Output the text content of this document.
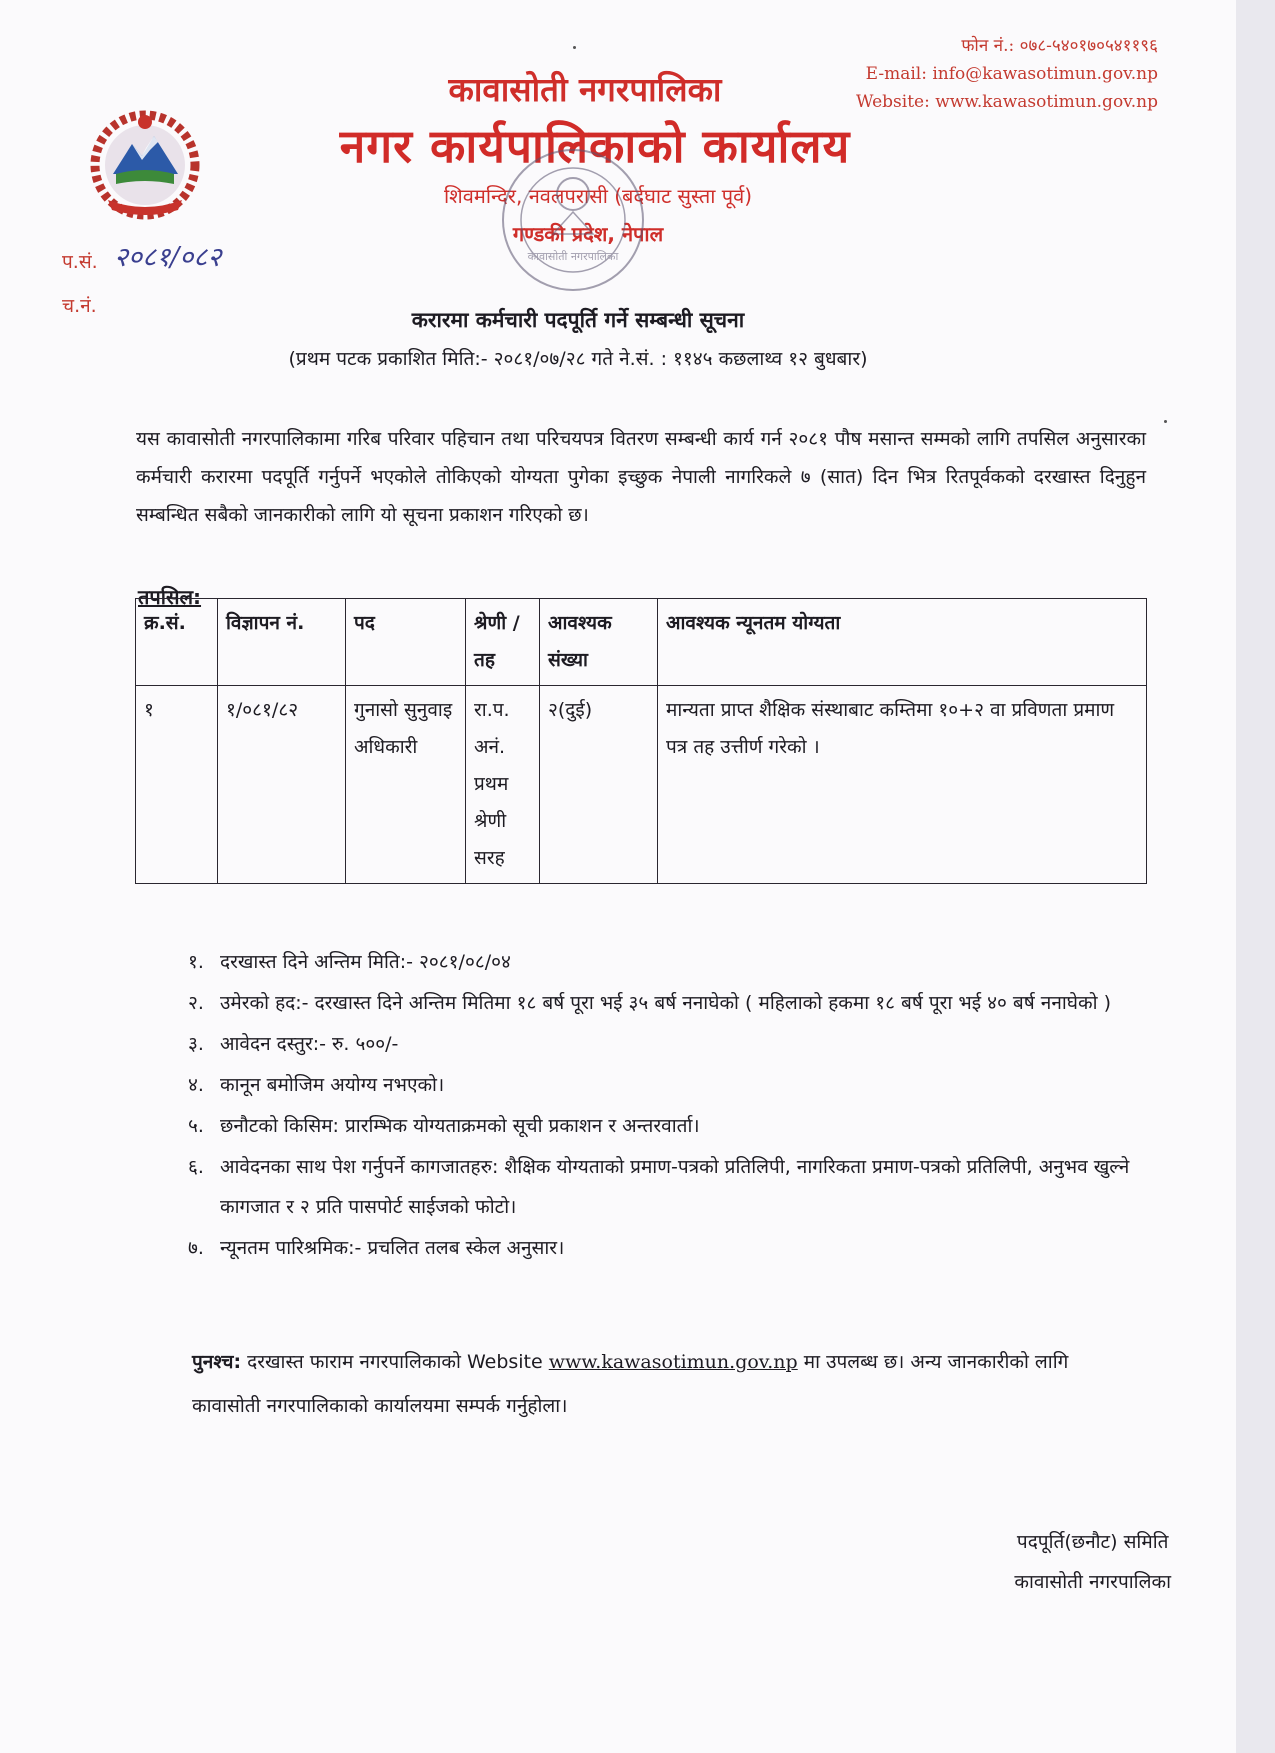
फोन नं.: ०७८-५४०१७०५४११९६
E-mail: info@kawasotimun.gov.np
Website: www.kawasotimun.gov.np
कावासोती नगरपालिका
नगर कार्यपालिकाको कार्यालय
शिवमन्दिर, नवलपरासी (बर्दघाट सुस्ता पूर्व)
गण्डकी प्रदेश, नेपाल
कावासोती नगरपालिका
प.सं. २०८१/०८२
च.नं.
करारमा कर्मचारी पदपूर्ति गर्ने सम्बन्धी सूचना
(प्रथम पटक प्रकाशित मिति:- २०८१/०७/२८ गते ने.सं. : ११४५ कछलाथ्व १२ बुधबार)
यस कावासोती नगरपालिकामा गरिब परिवार पहिचान तथा परिचयपत्र वितरण सम्बन्धी कार्य गर्न २०८१ पौष मसान्त सम्मको लागि तपसिल अनुसारका कर्मचारी करारमा पदपूर्ति गर्नुपर्ने भएकोले तोकिएको योग्यता पुगेका इच्छुक नेपाली नागरिकले ७ (सात) दिन भित्र रितपूर्वकको दरखास्त दिनुहुन सम्बन्धित सबैको जानकारीको लागि यो सूचना प्रकाशन गरिएको छ।
तपसिल:
क्र.सं.	विज्ञापन नं.	पद	श्रेणी /तह	आवश्यक संख्या	आवश्यक न्यूनतम योग्यता
१	१/०८१/८२	गुनासो सुनुवाइ अधिकारी	रा.प. अनं. प्रथम श्रेणी सरह	२(दुई)	मान्यता प्राप्त शैक्षिक संस्थाबाट कम्तिमा १०+२ वा प्रविणता प्रमाण पत्र तह उत्तीर्ण गरेको ।
१. दरखास्त दिने अन्तिम मिति:- २०८१/०८/०४
२. उमेरको हद:- दरखास्त दिने अन्तिम मितिमा १८ बर्ष पूरा भई ३५ बर्ष ननाघेको ( महिलाको हकमा १८ बर्ष पूरा भई ४० बर्ष ननाघेको )
३. आवेदन दस्तुर:- रु. ५००/-
४. कानून बमोजिम अयोग्य नभएको।
५. छनौटको किसिम: प्रारम्भिक योग्यताक्रमको सूची प्रकाशन र अन्तरवार्ता।
६. आवेदनका साथ पेश गर्नुपर्ने कागजातहरु: शैक्षिक योग्यताको प्रमाण-पत्रको प्रतिलिपी, नागरिकता प्रमाण-पत्रको प्रतिलिपी, अनुभव खुल्ने कागजात र २ प्रति पासपोर्ट साईजको फोटो।
७. न्यूनतम पारिश्रमिक:- प्रचलित तलब स्केल अनुसार।
पुनश्च: दरखास्त फाराम नगरपालिकाको Website www.kawasotimun.gov.np मा उपलब्ध छ। अन्य जानकारीको लागि कावासोती नगरपालिकाको कार्यालयमा सम्पर्क गर्नुहोला।
पदपूर्ति(छनौट) समिति
कावासोती नगरपालिका
